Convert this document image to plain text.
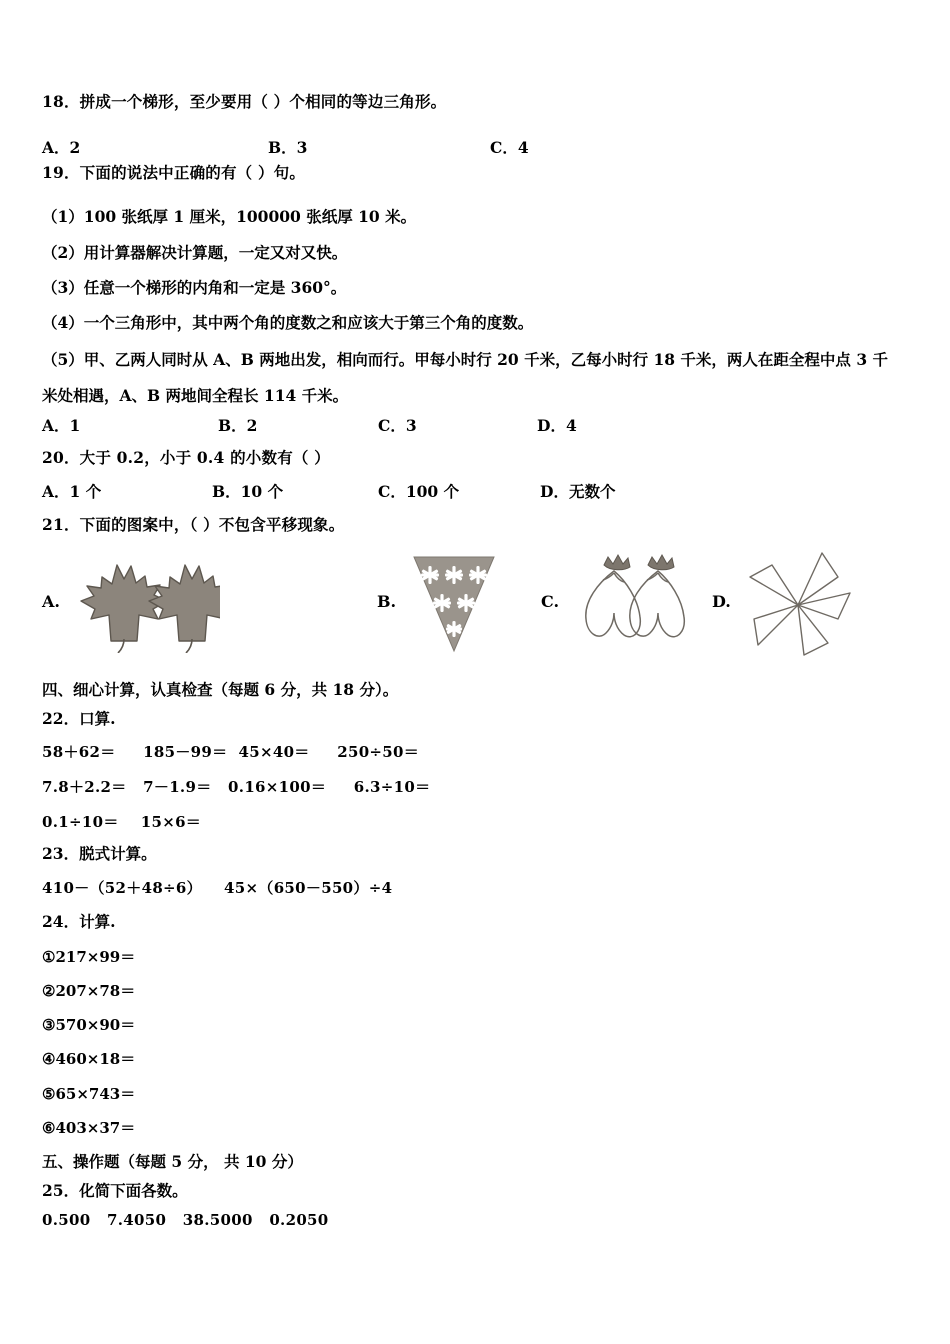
18．拼成一个梯形，至少要用（ ）个相同的等边三角形。
A．2	B．3	C．4
19．下面的说法中正确的有（ ）句。
（1）100 张纸厚 1 厘米，100000 张纸厚 10 米。
（2）用计算器解决计算题，一定又对又快。
（3）任意一个梯形的内角和一定是 360°。
（4）一个三角形中，其中两个角的度数之和应该大于第三个角的度数。
（5）甲、乙两人同时从 A、B 两地出发，相向而行。甲每小时行 20 千米，乙每小时行 18 千米，两人在距全程中点 3 千
米处相遇，A、B 两地间全程长 114 千米。
A．1	B．2	C．3	D．4
20．大于 0.2，小于 0.4 的小数有（ ）
A．1 个	B．10 个	C．100 个	D．无数个
21．下面的图案中，（ ）不包含平移现象。
A.	B.	C.	D.
四、细心计算，认真检查（每题 6 分，共 18 分）。
22．口算.
58＋62＝     185－99＝  45×40＝     250÷50＝
7.8＋2.2＝   7－1.9＝   0.16×100＝     6.3÷10＝
0.1÷10＝    15×6＝
23．脱式计算。
410－（52＋48÷6）    45×（650－550）÷4
24．计算.
①217×99＝
②207×78＝
③570×90＝
④460×18＝
⑤65×743＝
⑥403×37＝
五、操作题（每题 5 分， 共 10 分）
25．化简下面各数。
0.500   7.4050   38.5000   0.2050
